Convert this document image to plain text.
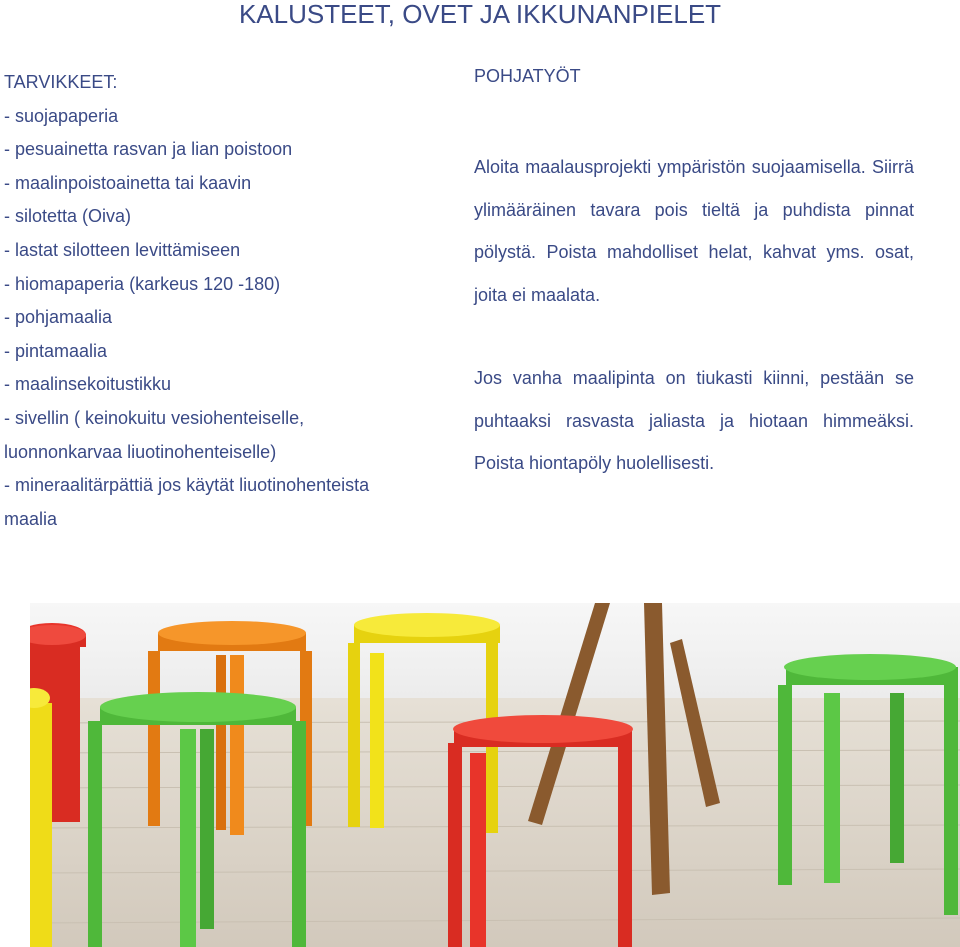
KALUSTEET, OVET JA IKKUNANPIELET
TARVIKKEET:
- suojapaperia
- pesuainetta rasvan ja lian poistoon
- maalinpoistoainetta tai kaavin
- silotetta (Oiva)
- lastat silotteen levittämiseen
- hiomapaperia (karkeus 120 -180)
- pohjamaalia
- pintamaalia
- maalinsekoitustikku
- sivellin ( keinokuitu vesiohenteiselle,
luonnonkarvaa liuotinohenteiselle)
- mineraalitärpättiä jos käytät liuotinohenteista
maalia
POHJATYÖT

Aloita maalausprojekti ympäristön suojaamisella. Siirrä ylimääräinen tavara pois tieltä ja puhdista pinnat pölystä. Poista mahdolliset helat, kahvat yms. osat, joita ei maalata.

Jos vanha maalipinta on tiukasti kiinni, pestään se puhtaaksi rasvasta jaliasta ja hiotaan himmeäksi. Poista hiontapöly huolellisesti.
